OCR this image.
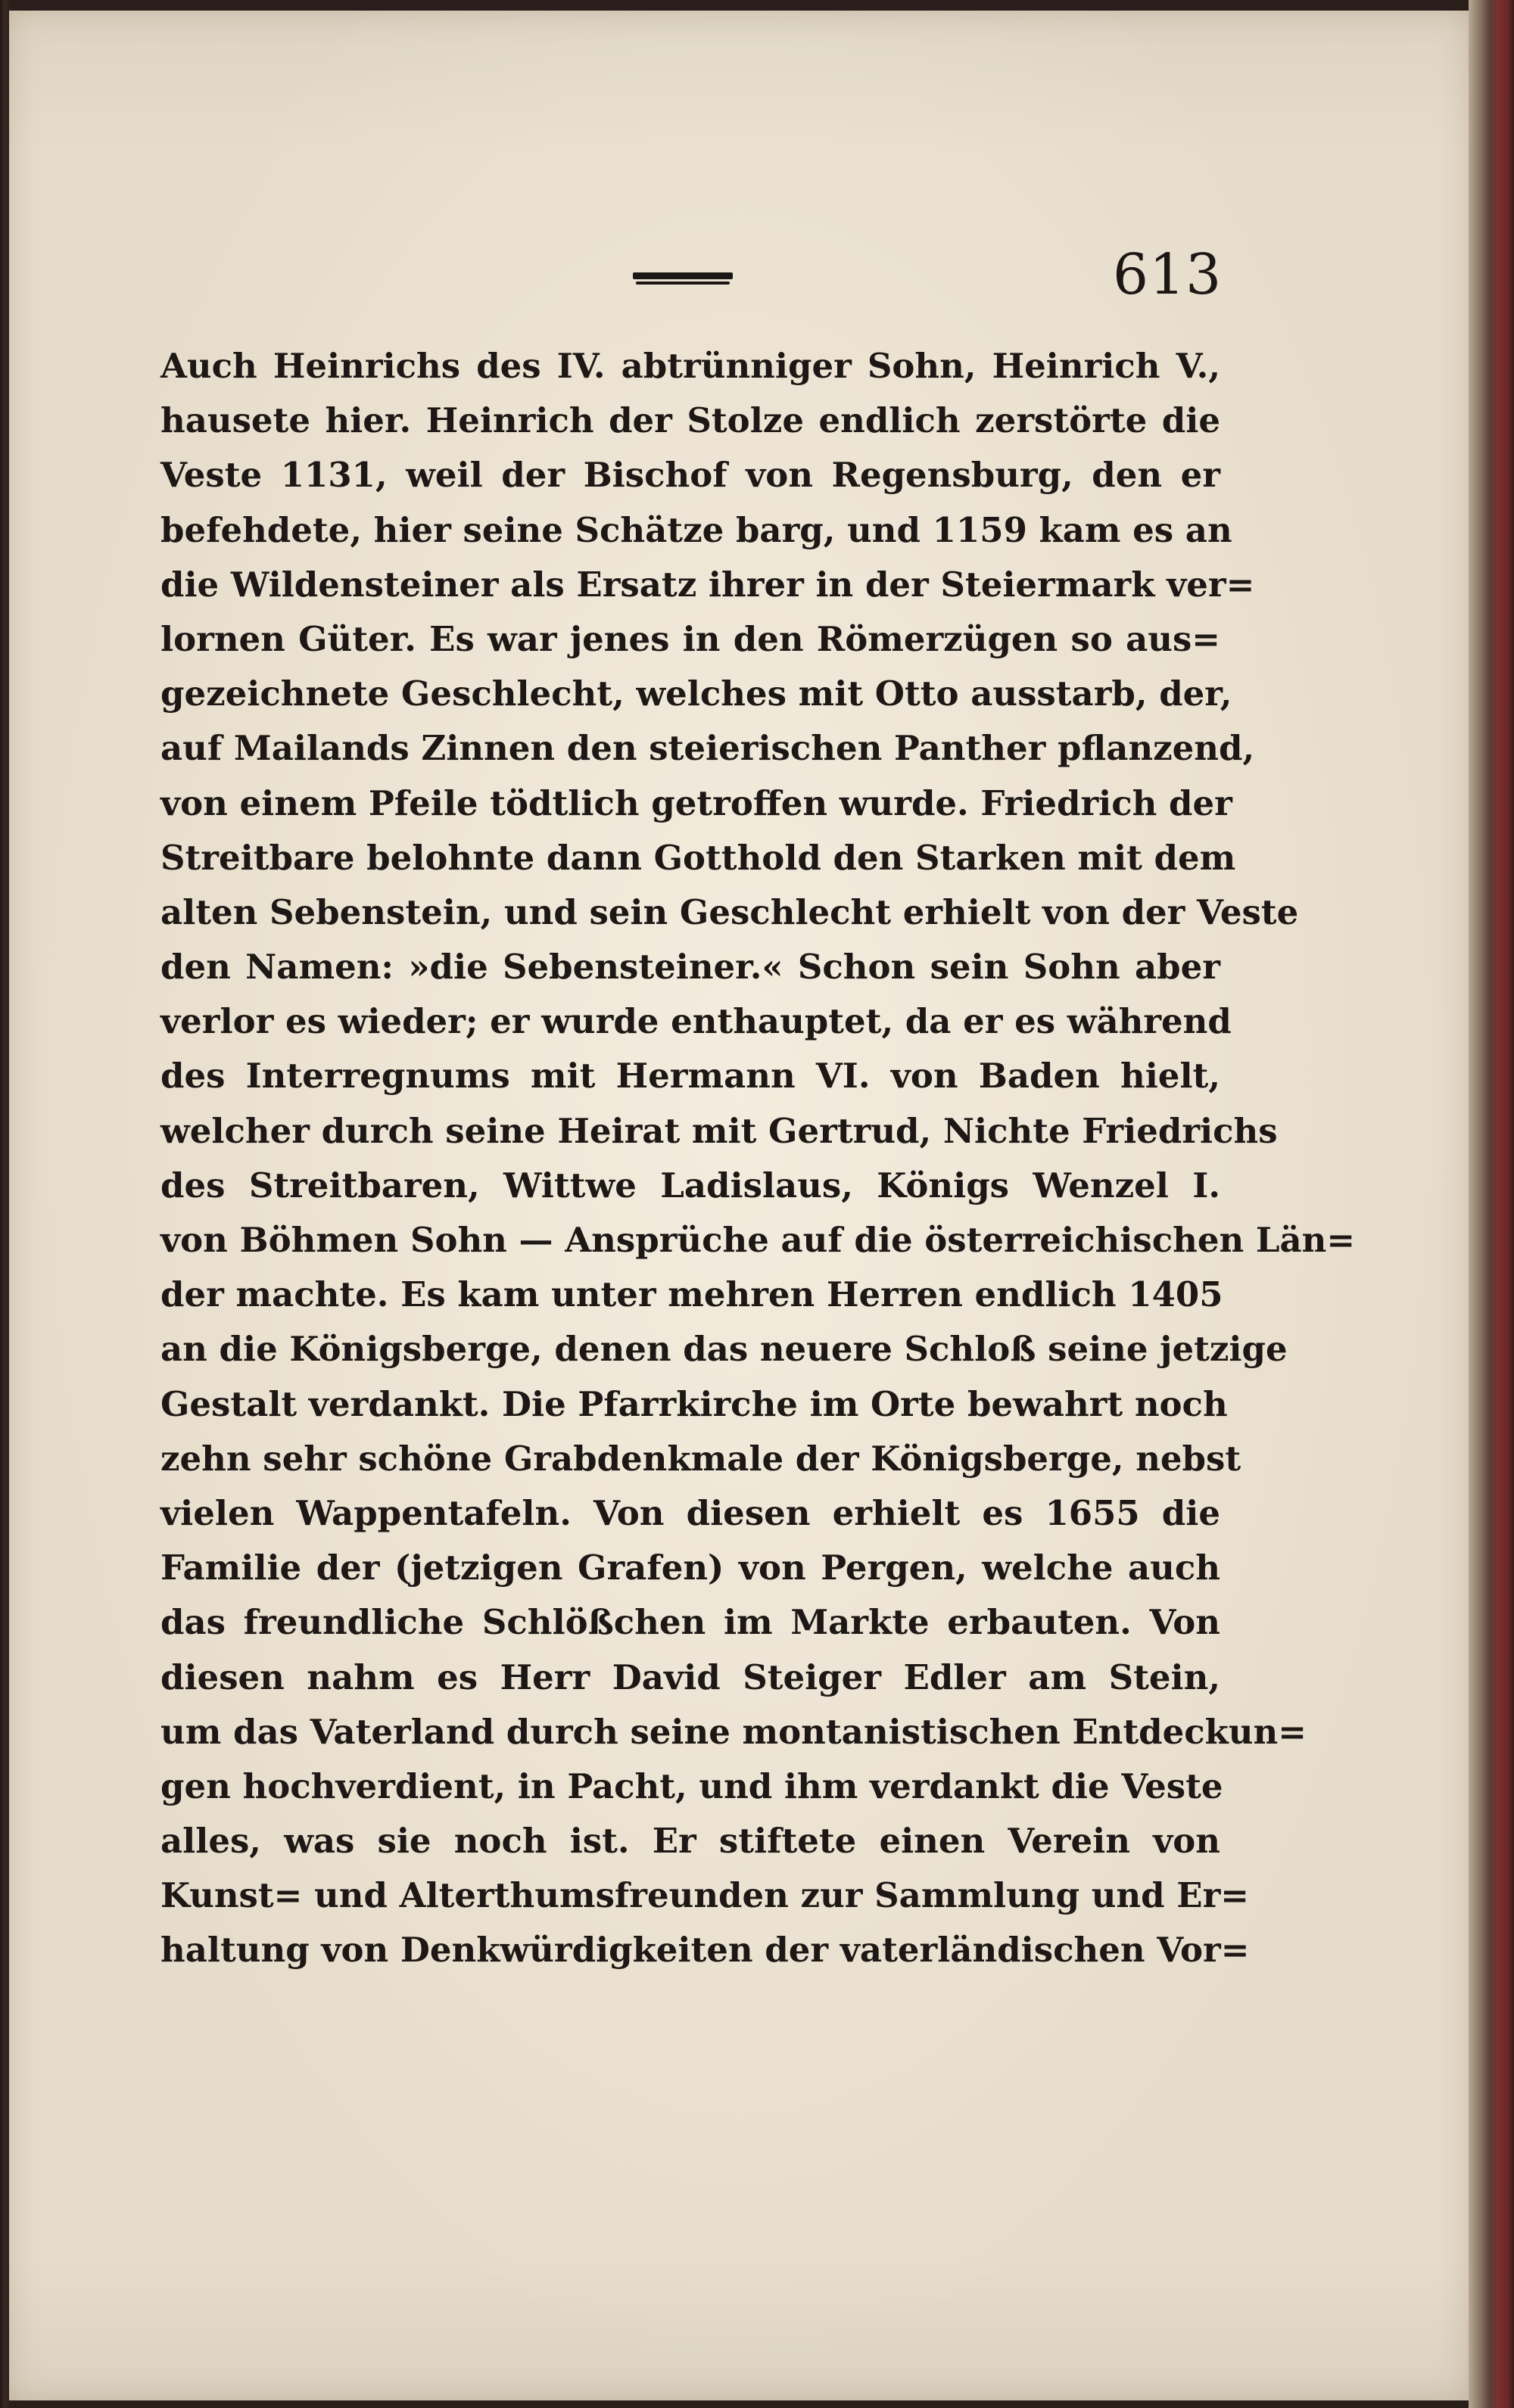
613
Auch Heinrichs des IV. abtrünniger Sohn, Heinrich V.,
hausete hier. Heinrich der Stolze endlich zerstörte die
Veste 1131, weil der Bischof von Regensburg, den er
befehdete, hier seine Schätze barg, und 1159 kam es an
die Wildensteiner als Ersatz ihrer in der Steiermark ver=
lornen Güter. Es war jenes in den Römerzügen so aus=
gezeichnete Geschlecht, welches mit Otto ausstarb, der,
auf Mailands Zinnen den steierischen Panther pflanzend,
von einem Pfeile tödtlich getroffen wurde. Friedrich der
Streitbare belohnte dann Gotthold den Starken mit dem
alten Sebenstein, und sein Geschlecht erhielt von der Veste
den Namen: »die Sebensteiner.« Schon sein Sohn aber
verlor es wieder; er wurde enthauptet, da er es während
des Interregnums mit Hermann VI. von Baden hielt,
welcher durch seine Heirat mit Gertrud, Nichte Friedrichs
des Streitbaren, Wittwe Ladislaus, Königs Wenzel I.
von Böhmen Sohn — Ansprüche auf die österreichischen Län=
der machte. Es kam unter mehren Herren endlich 1405
an die Königsberge, denen das neuere Schloß seine jetzige
Gestalt verdankt. Die Pfarrkirche im Orte bewahrt noch
zehn sehr schöne Grabdenkmale der Königsberge, nebst
vielen Wappentafeln. Von diesen erhielt es 1655 die
Familie der (jetzigen Grafen) von Pergen, welche auch
das freundliche Schlößchen im Markte erbauten. Von
diesen nahm es Herr David Steiger Edler am Stein,
um das Vaterland durch seine montanistischen Entdeckun=
gen hochverdient, in Pacht, und ihm verdankt die Veste
alles, was sie noch ist. Er stiftete einen Verein von
Kunst= und Alterthumsfreunden zur Sammlung und Er=
haltung von Denkwürdigkeiten der vaterländischen Vor=
